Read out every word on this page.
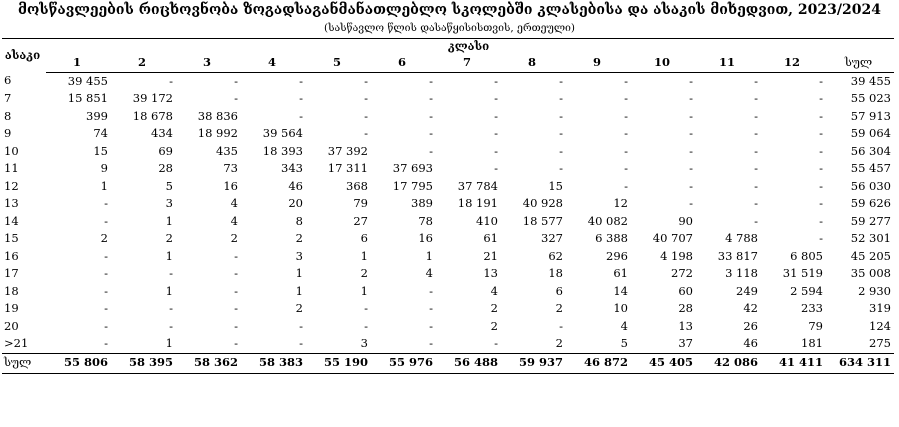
მოსწავლეების რიცხოვნობა ზოგადსაგანმანათლებლო სკოლებში კლასებისა და ასაკის მიხედვით, 2023/2024
(სასწავლო წლის დასაწყისისთვის, ერთეული)
ასაკი	კლასი												
	1	2	3	4	5	6	7	8	9	10	11	12	სულ
6	39 455	-	-	-	-	-	-	-	-	-	-	-	39 455
7	15 851	39 172	-	-	-	-	-	-	-	-	-	-	55 023
8	399	18 678	38 836	-	-	-	-	-	-	-	-	-	57 913
9	74	434	18 992	39 564	-	-	-	-	-	-	-	-	59 064
10	15	69	435	18 393	37 392	-	-	-	-	-	-	-	56 304
11	9	28	73	343	17 311	37 693	-	-	-	-	-	-	55 457
12	1	5	16	46	368	17 795	37 784	15	-	-	-	-	56 030
13	-	3	4	20	79	389	18 191	40 928	12	-	-	-	59 626
14	-	1	4	8	27	78	410	18 577	40 082	90	-	-	59 277
15	2	2	2	2	6	16	61	327	6 388	40 707	4 788	-	52 301
16	-	1	-	3	1	1	21	62	296	4 198	33 817	6 805	45 205
17	-	-	-	1	2	4	13	18	61	272	3 118	31 519	35 008
18	-	1	-	1	1	-	4	6	14	60	249	2 594	2 930
19	-	-	-	2	-	-	2	2	10	28	42	233	319
20	-	-	-	-	-	-	2	-	4	13	26	79	124
>21	-	1	-	-	3	-	-	2	5	37	46	181	275
სულ	55 806	58 395	58 362	58 383	55 190	55 976	56 488	59 937	46 872	45 405	42 086	41 411	634 311
